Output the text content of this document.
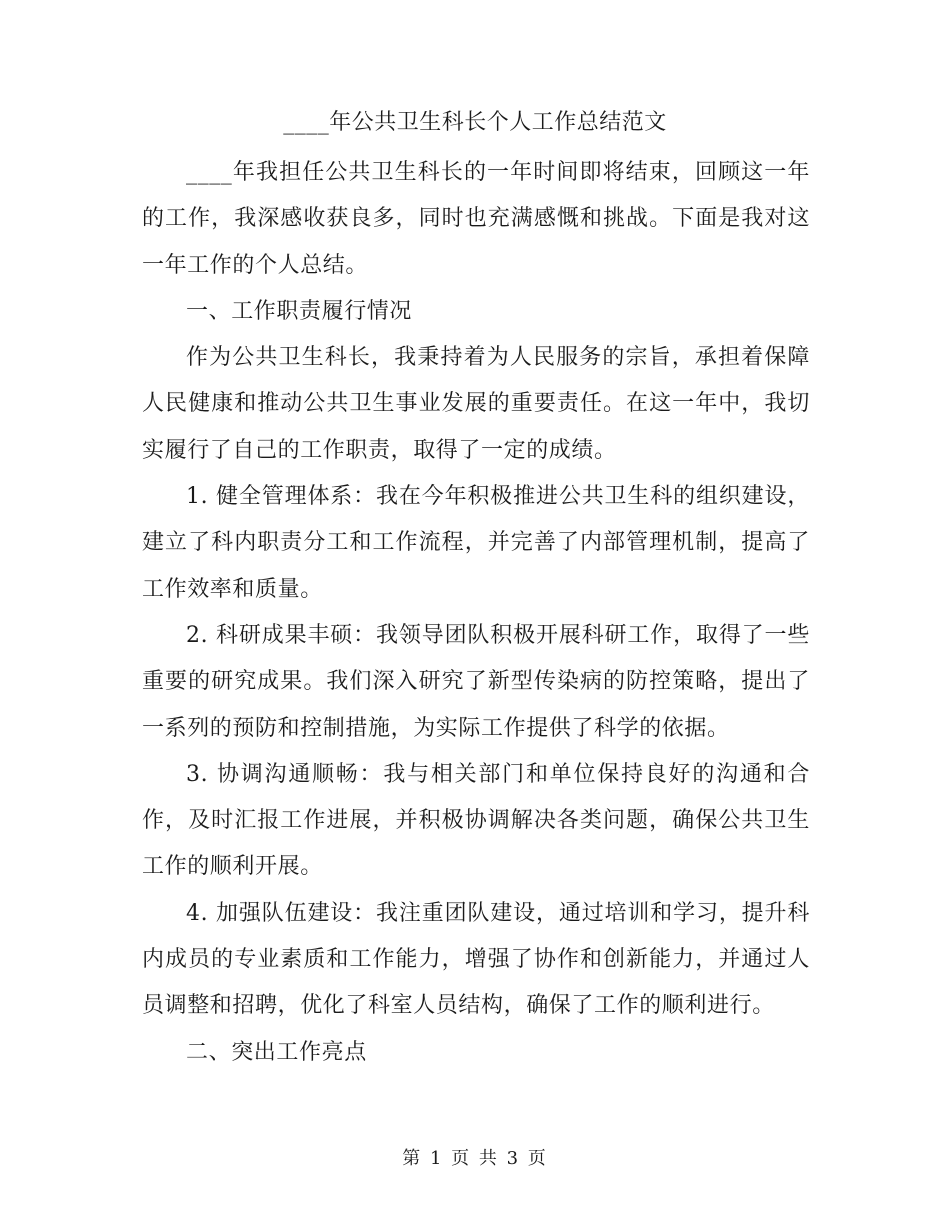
____年公共卫生科长个人工作总结范文

____年我担任公共卫生科长的一年时间即将结束，回顾这一年的工作，我深感收获良多，同时也充满感慨和挑战。下面是我对这一年工作的个人总结。

一、工作职责履行情况

作为公共卫生科长，我秉持着为人民服务的宗旨，承担着保障人民健康和推动公共卫生事业发展的重要责任。在这一年中，我切实履行了自己的工作职责，取得了一定的成绩。

1. 健全管理体系：我在今年积极推进公共卫生科的组织建设，建立了科内职责分工和工作流程，并完善了内部管理机制，提高了工作效率和质量。

2. 科研成果丰硕：我领导团队积极开展科研工作，取得了一些重要的研究成果。我们深入研究了新型传染病的防控策略，提出了一系列的预防和控制措施，为实际工作提供了科学的依据。

3. 协调沟通顺畅：我与相关部门和单位保持良好的沟通和合作，及时汇报工作进展，并积极协调解决各类问题，确保公共卫生工作的顺利开展。

4. 加强队伍建设：我注重团队建设，通过培训和学习，提升科内成员的专业素质和工作能力，增强了协作和创新能力，并通过人员调整和招聘，优化了科室人员结构，确保了工作的顺利进行。

二、突出工作亮点

第 1 页 共 3 页
